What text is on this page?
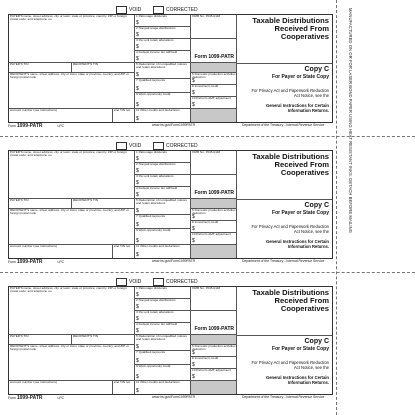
MANUFACTURED ON OR FOR LASER BOND PAPER USING HEAT RESISTANT INKS. DETACH BEFORE MAILING
VOID	CORRECTED
PAYER'S name, street address, city or town, state or province, country, ZIP or foreign postal code, and telephone no.
1 Patronage dividends
$
OMB No. 1545-0118
2 Nonpatronage distributions
$
3 Per-unit retain allocations
$
Form 1099-PATR
4 Federal income tax withheld
$
PAYER'S TIN	RECIPIENT'S TIN
RECIPIENT'S name, street address, city or town, state or province, country, and ZIP or foreign postal code
5 Redemption of nonqualified notices and retain allocations
$	6 Domestic production activities deduction
$
7 Qualified payments
$	8 Investment credit
$
9 Work opportunity credit
$
10 Patron's AMT adjustment
$
Account number (see instructions)	2nd TIN not. 11 Other credits and deductions
$
Taxable Distributions Received From Cooperatives
Copy C
For Payer or State Copy
For Privacy Act and Paperwork Reduction Act Notice, see the
General Instructions for Certain Information Returns.
Form 1099-PATR	LPC	www.irs.gov/Form1099PATR	Department of the Treasury - Internal Revenue Service
VOID	CORRECTED
PAYER'S name, street address, city or town, state or province, country, ZIP or foreign postal code, and telephone no.
1 Patronage dividends
$
OMB No. 1545-0118
2 Nonpatronage distributions
$
3 Per-unit retain allocations
$
Form 1099-PATR
4 Federal income tax withheld
$
PAYER'S TIN	RECIPIENT'S TIN
RECIPIENT'S name, street address, city or town, state or province, country, and ZIP or foreign postal code
5 Redemption of nonqualified notices and retain allocations
$	6 Domestic production activities deduction
$
7 Qualified payments
$	8 Investment credit
$
9 Work opportunity credit
$
10 Patron's AMT adjustment
$
Account number (see instructions)	2nd TIN not. 11 Other credits and deductions
$
Taxable Distributions Received From Cooperatives
Copy C
For Payer or State Copy
For Privacy Act and Paperwork Reduction Act Notice, see the
General Instructions for Certain Information Returns.
Form 1099-PATR	LPC	www.irs.gov/Form1099PATR	Department of the Treasury - Internal Revenue Service
VOID	CORRECTED
PAYER'S name, street address, city or town, state or province, country, ZIP or foreign postal code, and telephone no.
1 Patronage dividends
$
OMB No. 1545-0118
2 Nonpatronage distributions
$
3 Per-unit retain allocations
$
Form 1099-PATR
4 Federal income tax withheld
$
PAYER'S TIN	RECIPIENT'S TIN
RECIPIENT'S name, street address, city or town, state or province, country, and ZIP or foreign postal code
5 Redemption of nonqualified notices and retain allocations
$	6 Domestic production activities deduction
$
7 Qualified payments
$	8 Investment credit
$
9 Work opportunity credit
$
10 Patron's AMT adjustment
$
Account number (see instructions)	2nd TIN not. 11 Other credits and deductions
$
Taxable Distributions Received From Cooperatives
Copy C
For Payer or State Copy
For Privacy Act and Paperwork Reduction Act Notice, see the
General Instructions for Certain Information Returns.
Form 1099-PATR	LPC	www.irs.gov/Form1099PATR	Department of the Treasury - Internal Revenue Service
